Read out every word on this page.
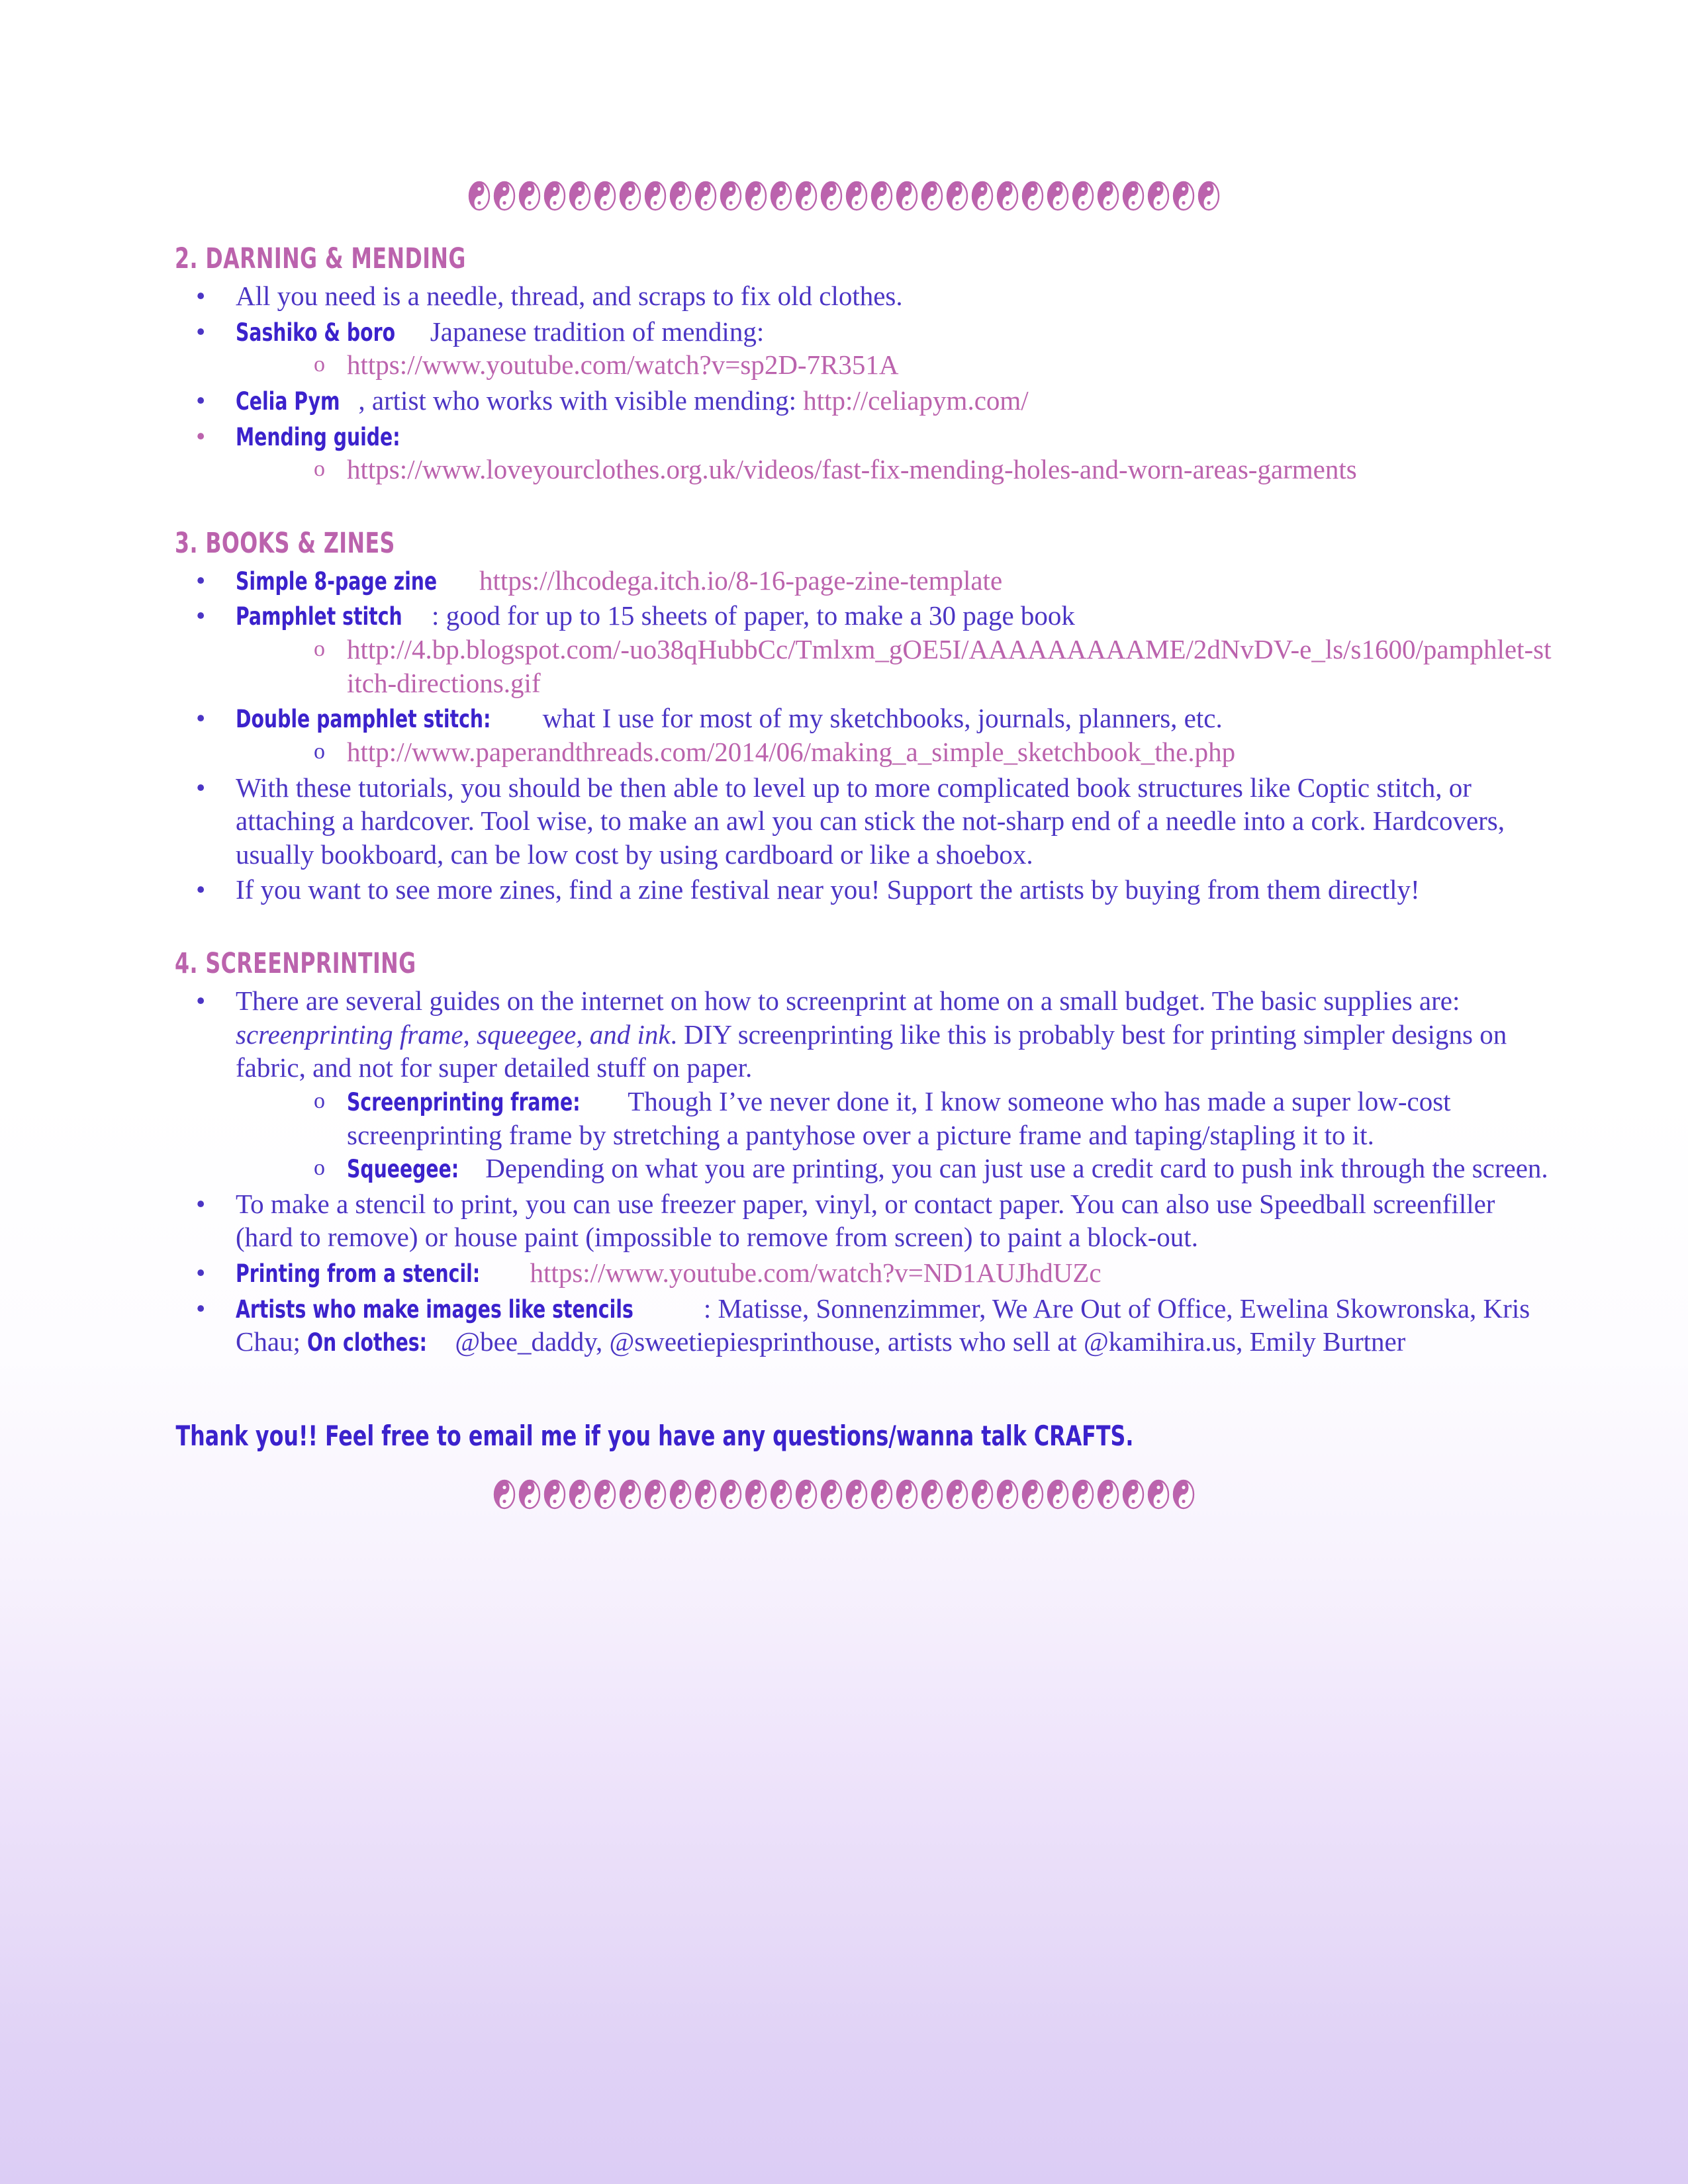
2. DARNING & MENDING
• All you need is a needle, thread, and scraps to fix old clothes.
• Sashiko & boro Japanese tradition of mending:
o https://www.youtube.com/watch?v=sp2D-7R351A
• Celia Pym , artist who works with visible mending: http://celiapym.com/
• Mending guide:
o https://www.loveyourclothes.org.uk/videos/fast-fix-mending-holes-and-worn-areas-garments
3. BOOKS & ZINES
• Simple 8-page zine https://lhcodega.itch.io/8-16-page-zine-template
• Pamphlet stitch : good for up to 15 sheets of paper, to make a 30 page book
o http://4.bp.blogspot.com/-uo38qHubbCc/Tmlxm_gOE5I/AAAAAAAAAME/2dNvDV-e_ls/s1600/pamphlet-stitch-directions.gif
• Double pamphlet stitch: what I use for most of my sketchbooks, journals, planners, etc.
o http://www.paperandthreads.com/2014/06/making_a_simple_sketchbook_the.php
• With these tutorials, you should be then able to level up to more complicated book structures like Coptic stitch, or attaching a hardcover. Tool wise, to make an awl you can stick the not-sharp end of a needle into a cork. Hardcovers, usually bookboard, can be low cost by using cardboard or like a shoebox.
• If you want to see more zines, find a zine festival near you! Support the artists by buying from them directly!
4. SCREENPRINTING
• There are several guides on the internet on how to screenprint at home on a small budget. The basic supplies are: screenprinting frame, squeegee, and ink. DIY screenprinting like this is probably best for printing simpler designs on fabric, and not for super detailed stuff on paper.
o Screenprinting frame: Though I’ve never done it, I know someone who has made a super low-cost screenprinting frame by stretching a pantyhose over a picture frame and taping/stapling it to it.
o Squeegee: Depending on what you are printing, you can just use a credit card to push ink through the screen.
• To make a stencil to print, you can use freezer paper, vinyl, or contact paper. You can also use Speedball screenfiller (hard to remove) or house paint (impossible to remove from screen) to paint a block-out.
• Printing from a stencil: https://www.youtube.com/watch?v=ND1AUJhdUZc
• Artists who make images like stencils	: Matisse, Sonnenzimmer, We Are Out of Office, Ewelina Skowronska, Kris Chau; On clothes: @bee_daddy, @sweetiepiesprinthouse, artists who sell at @kamihira.us, Emily Burtner
Thank you!! Feel free to email me if you have any questions/wanna talk CRAFTS.
